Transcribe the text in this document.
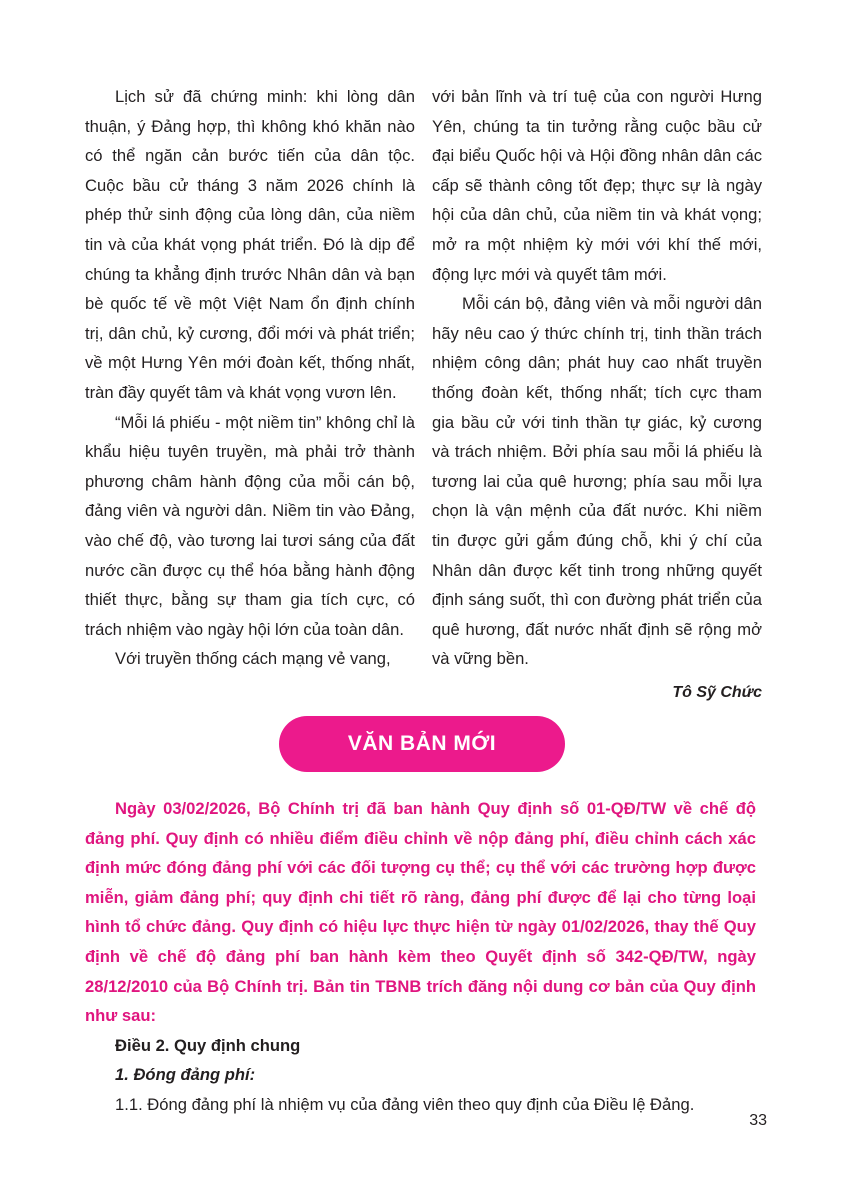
Lịch sử đã chứng minh: khi lòng dân thuận, ý Đảng hợp, thì không khó khăn nào có thể ngăn cản bước tiến của dân tộc. Cuộc bầu cử tháng 3 năm 2026 chính là phép thử sinh động của lòng dân, của niềm tin và của khát vọng phát triển. Đó là dịp để chúng ta khẳng định trước Nhân dân và bạn bè quốc tế về một Việt Nam ổn định chính trị, dân chủ, kỷ cương, đổi mới và phát triển; về một Hưng Yên mới đoàn kết, thống nhất, tràn đầy quyết tâm và khát vọng vươn lên.

“Mỗi lá phiếu - một niềm tin” không chỉ là khẩu hiệu tuyên truyền, mà phải trở thành phương châm hành động của mỗi cán bộ, đảng viên và người dân. Niềm tin vào Đảng, vào chế độ, vào tương lai tươi sáng của đất nước cần được cụ thể hóa bằng hành động thiết thực, bằng sự tham gia tích cực, có trách nhiệm vào ngày hội lớn của toàn dân.

Với truyền thống cách mạng vẻ vang,

với bản lĩnh và trí tuệ của con người Hưng Yên, chúng ta tin tưởng rằng cuộc bầu cử đại biểu Quốc hội và Hội đồng nhân dân các cấp sẽ thành công tốt đẹp; thực sự là ngày hội của dân chủ, của niềm tin và khát vọng; mở ra một nhiệm kỳ mới với khí thế mới, động lực mới và quyết tâm mới.

Mỗi cán bộ, đảng viên và mỗi người dân hãy nêu cao ý thức chính trị, tinh thần trách nhiệm công dân; phát huy cao nhất truyền thống đoàn kết, thống nhất; tích cực tham gia bầu cử với tinh thần tự giác, kỷ cương và trách nhiệm. Bởi phía sau mỗi lá phiếu là tương lai của quê hương; phía sau mỗi lựa chọn là vận mệnh của đất nước. Khi niềm tin được gửi gắm đúng chỗ, khi ý chí của Nhân dân được kết tinh trong những quyết định sáng suốt, thì con đường phát triển của quê hương, đất nước nhất định sẽ rộng mở và vững bền.

Tô Sỹ Chức
VĂN BẢN MỚI

Ngày 03/02/2026, Bộ Chính trị đã ban hành Quy định số 01-QĐ/TW về chế độ đảng phí. Quy định có nhiều điểm điều chỉnh về nộp đảng phí, điều chỉnh cách xác định mức đóng đảng phí với các đối tượng cụ thể; cụ thể với các trường hợp được miễn, giảm đảng phí; quy định chi tiết rõ ràng, đảng phí được để lại cho từng loại hình tổ chức đảng. Quy định có hiệu lực thực hiện từ ngày 01/02/2026, thay thế Quy định về chế độ đảng phí ban hành kèm theo Quyết định số 342-QĐ/TW, ngày 28/12/2010 của Bộ Chính trị. Bản tin TBNB trích đăng nội dung cơ bản của Quy định như sau:

Điều 2. Quy định chung

1. Đóng đảng phí:

1.1. Đóng đảng phí là nhiệm vụ của đảng viên theo quy định của Điều lệ Đảng.

33
